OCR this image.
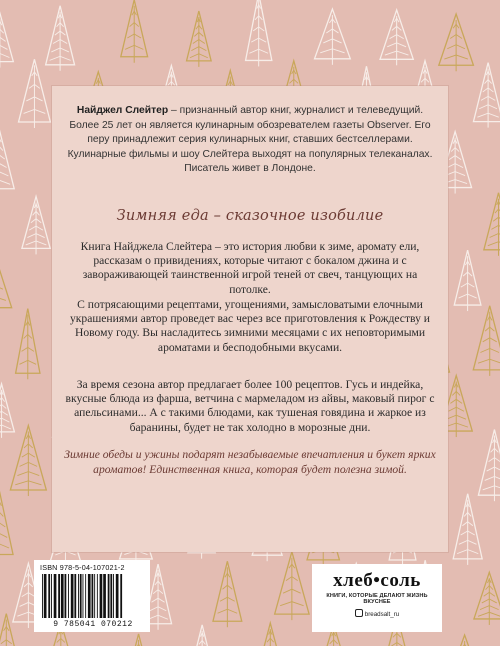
Найджел Слейтер – признанный автор книг, журналист и телеведущий. Более 25 лет он является кулинарным обозревателем газеты Observer. Его перу принадлежит серия кулинарных книг, ставших бестселлерами. Кулинарные фильмы и шоу Слейтера выходят на популярных телеканалах. Писатель живет в Лондоне.
Зимняя еда – сказочное изобилие
Книга Найджела Слейтера – это история любви к зиме, аромату ели, рассказам о привидениях, которые читают с бокалом джина и с завораживающей таинственной игрой теней от свеч, танцующих на потолке.
С потрясающими рецептами, угощениями, замысловатыми елочными украшениями автор проведет вас через все приготовления к Рождеству и Новому году. Вы насладитесь зимними месяцами с их неповторимыми ароматами и бесподобными вкусами.
За время сезона автор предлагает более 100 рецептов. Гусь и индейка, вкусные блюда из фарша, ветчина с мармеладом из айвы, маковый пирог с апельсинами... А с такими блюдами, как тушеная говядина и жаркое из баранины, будет не так холодно в морозные дни.
Зимние обеды и ужины подарят незабываемые впечатления и букет ярких ароматов! Единственная книга, которая будет полезна зимой.
ISBN 978-5-04-107021-2
9 785041 070212
хлеб•соль
КНИГИ, КОТОРЫЕ ДЕЛАЮТ ЖИЗНЬ ВКУСНЕЕ
breadsalt_ru
